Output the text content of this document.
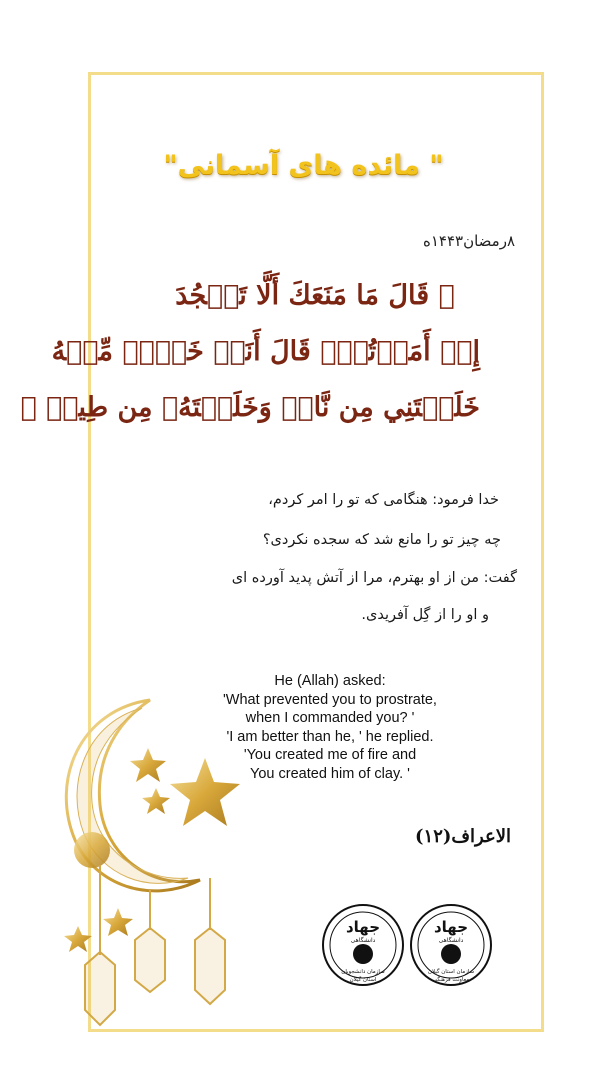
" مائده های آسمانی"
۸رمضان۱۴۴۳ه
﴿ قَالَ مَا مَنَعَكَ أَلَّا تَسۡجُدَ
إِذۡ أَمَرۡتُكَۖ قَالَ أَنَا۠ خَيۡرٞ مِّنۡهُ
خَلَقۡتَنِي مِن نَّارٖ وَخَلَقۡتَهُۥ مِن طِينٖ ﴾
خدا فرمود: هنگامی که تو را امر کردم،
چه چیز تو را مانع شد که سجده نکردی؟
گفت: من از او بهترم، مرا از آتش پدید آورده ای
و او را از گِل آفریدی.
He (Allah) asked:
'What prevented you to prostrate,
when I commanded you? '
'I am better than he, ' he replied.
'You created me of fire and
You created him of clay. '
الاعراف(۱۲)
جهاد
دانشگاهی
سازمان دانشجویان
استان گیلان
جهاد
دانشگاهی
سازمان استان گیلان
معاونت فرهنگی
